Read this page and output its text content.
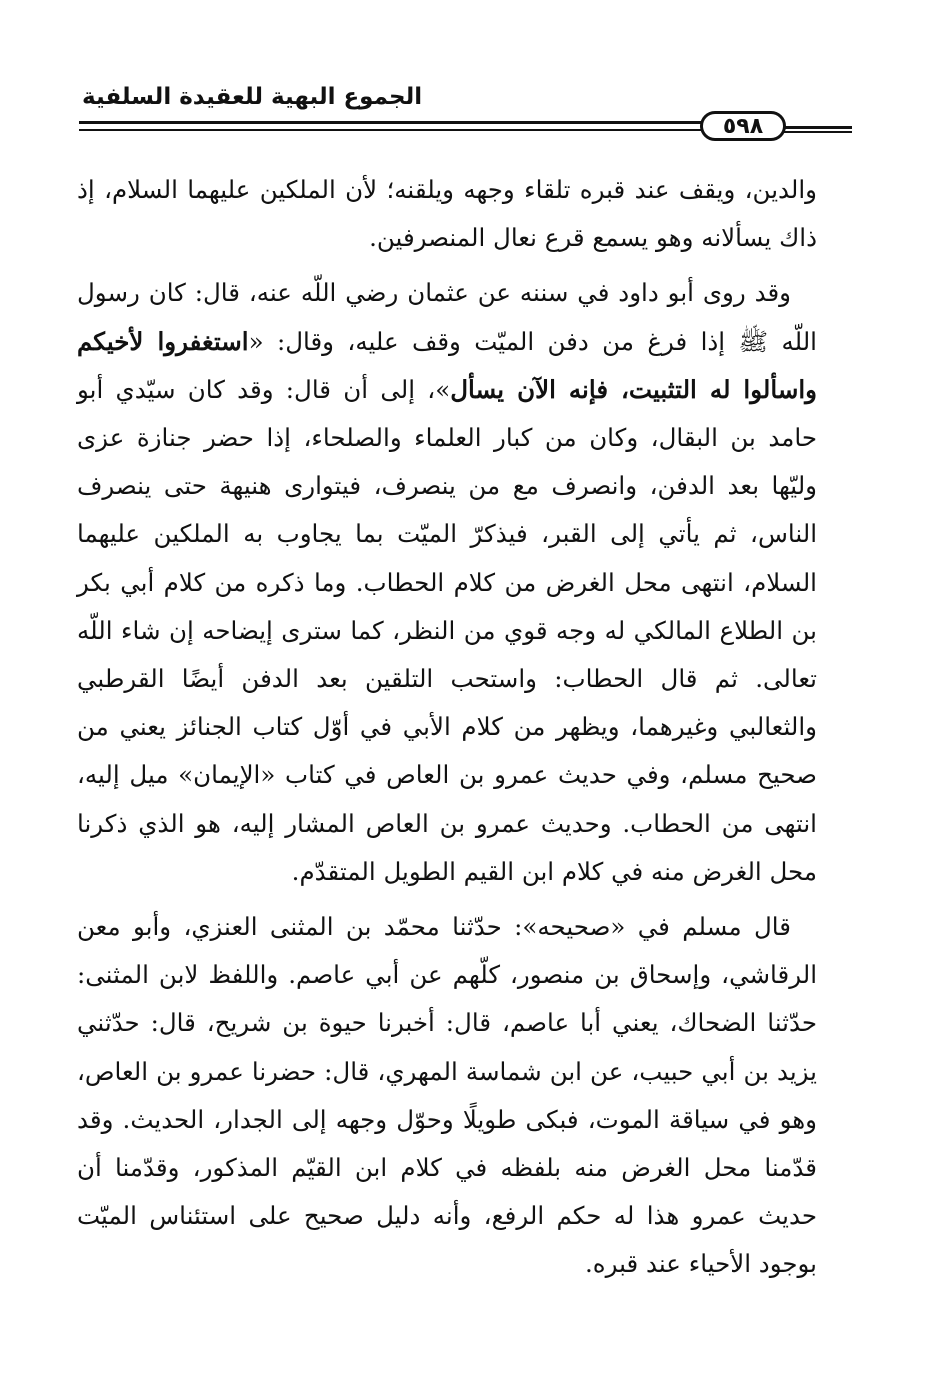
الجموع البهية للعقيدة السلفية
٥٩٨

والدين، ويقف عند قبره تلقاء وجهه ويلقنه؛ لأن الملكين عليهما السلام، إذ ذاك يسألانه وهو يسمع قرع نعال المنصرفين.

وقد روى أبو داود في سننه عن عثمان رضي اللّه عنه، قال: كان رسول اللّه ﷺ إذا فرغ من دفن الميّت وقف عليه، وقال: «استغفروا لأخيكم واسألوا له التثبيت، فإنه الآن يسأل»، إلى أن قال: وقد كان سيّدي أبو حامد بن البقال، وكان من كبار العلماء والصلحاء، إذا حضر جنازة عزى وليّها بعد الدفن، وانصرف مع من ينصرف، فيتوارى هنيهة حتى ينصرف الناس، ثم يأتي إلى القبر، فيذكرّ الميّت بما يجاوب به الملكين عليهما السلام، انتهى محل الغرض من كلام الحطاب. وما ذكره من كلام أبي بكر بن الطلاع المالكي له وجه قوي من النظر، كما سترى إيضاحه إن شاء اللّه تعالى. ثم قال الحطاب: واستحب التلقين بعد الدفن أيضًا القرطبي والثعالبي وغيرهما، ويظهر من كلام الأبي في أوّل كتاب الجنائز يعني من صحيح مسلم، وفي حديث عمرو بن العاص في كتاب «الإيمان» ميل إليه، انتهى من الحطاب. وحديث عمرو بن العاص المشار إليه، هو الذي ذكرنا محل الغرض منه في كلام ابن القيم الطويل المتقدّم.

قال مسلم في «صحيحه»: حدّثنا محمّد بن المثنى العنزي، وأبو معن الرقاشي، وإسحاق بن منصور، كلّهم عن أبي عاصم. واللفظ لابن المثنى: حدّثنا الضحاك، يعني أبا عاصم، قال: أخبرنا حيوة بن شريح، قال: حدّثني يزيد بن أبي حبيب، عن ابن شماسة المهري، قال: حضرنا عمرو بن العاص، وهو في سياقة الموت، فبكى طويلًا وحوّل وجهه إلى الجدار، الحديث. وقد قدّمنا محل الغرض منه بلفظه في كلام ابن القيّم المذكور، وقدّمنا أن حديث عمرو هذا له حكم الرفع، وأنه دليل صحيح على استئناس الميّت بوجود الأحياء عند قبره.
